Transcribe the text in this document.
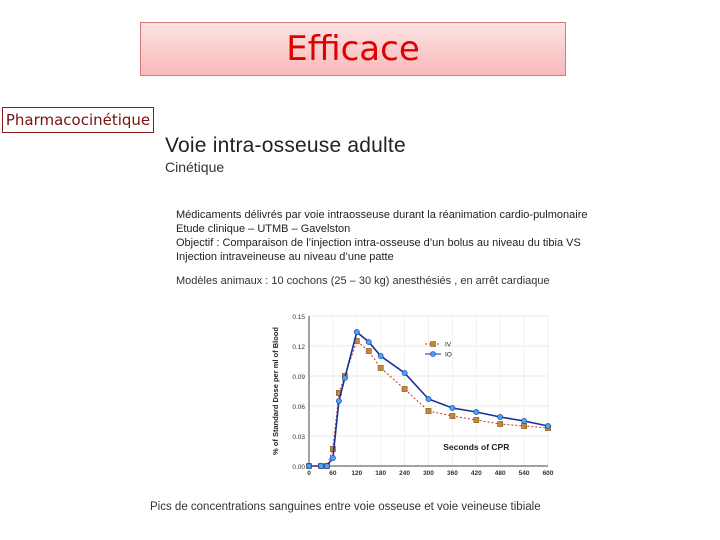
Efficace
Pharmacocinétique
Voie intra-osseuse adulte
Cinétique
Médicaments délivrés par voie intraosseuse durant la réanimation cardio-pulmonaire
Etude clinique – UTMB – Gavelston
Objectif : Comparaison de l’injection intra-osseuse d’un bolus au niveau du tibia VS
Injection intraveineuse au niveau d’une patte
Modèles animaux : 10 cochons (25 – 30 kg) anesthésiés , en arrêt cardiaque
0.00
0.03
0.06
0.09
0.12
0.15
0	60 120 180 240 300 360 420 480 540 600
% of Standard Dose per ml of Blood	Seconds of CPR
IV
IO
Pics de concentrations sanguines entre voie osseuse et voie veineuse tibiale
